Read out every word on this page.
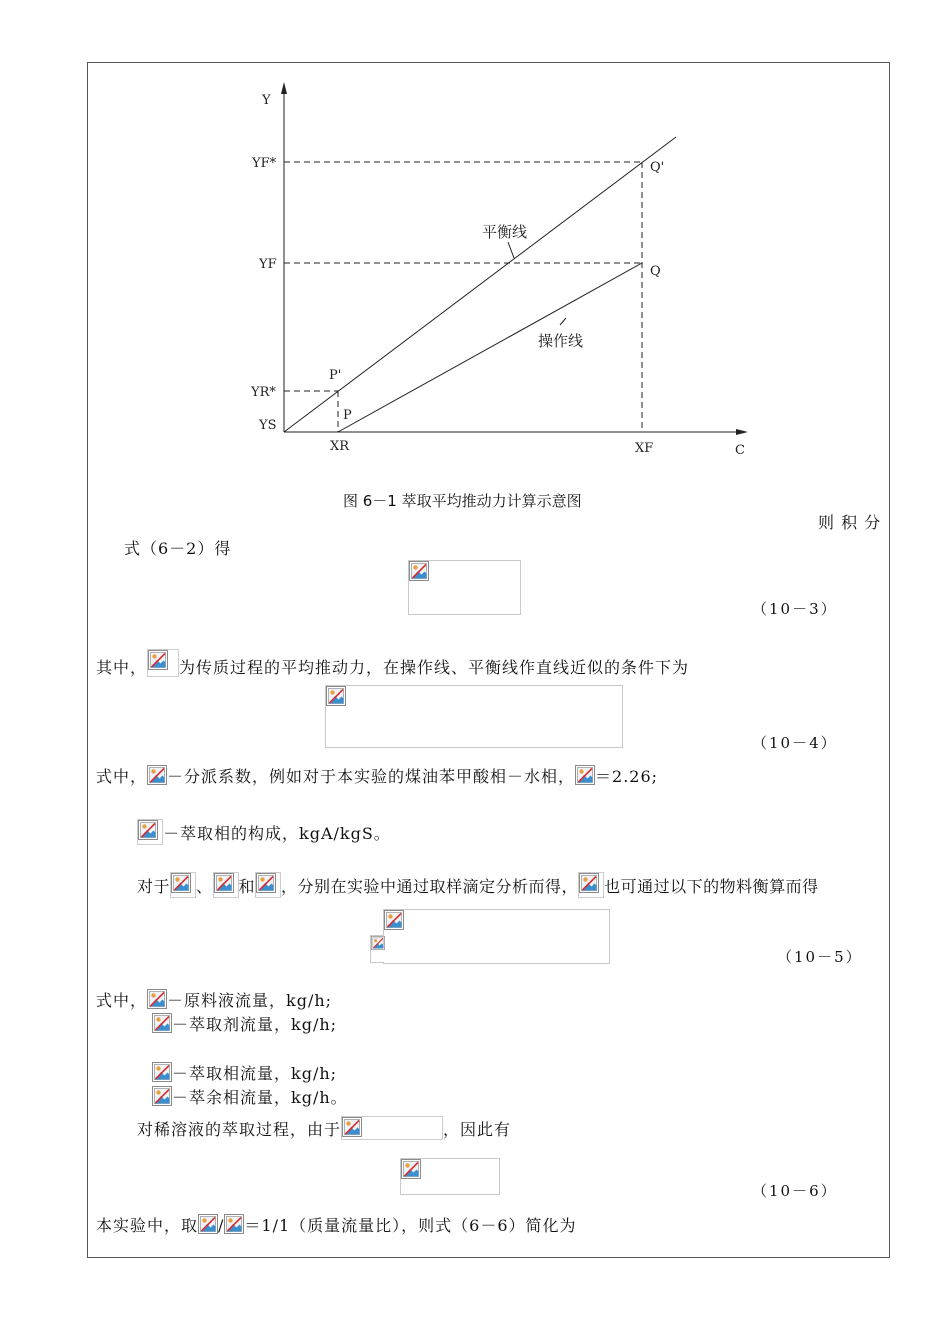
Y
C
YF*
YF
YR*
YS
XR	XF
Q'
Q
P'
P
平衡线
操作线
图 6－1 萃取平均推动力计算示意图
则 积 分
式（6－2）得
（10－3）
其中， 为传质过程的平均推动力，在操作线、平衡线作直线近似的条件下为
（10－4）
式中， －分派系数，例如对于本实验的煤油苯甲酸相－水相， ＝2.26;
－萃取相的构成，kgA/kgS。
对于 、 和 ，分别在实验中通过取样滴定分析而得， 也可通过以下的物料衡算而得
（10－5）
式中， －原料液流量，kg/h;
－萃取剂流量，kg/h;
－萃取相流量，kg/h;
－萃余相流量，kg/h。
对稀溶液的萃取过程，由于	，因此有
（10－6）
本实验中，取 / ＝1/1（质量流量比），则式（6－6）简化为
